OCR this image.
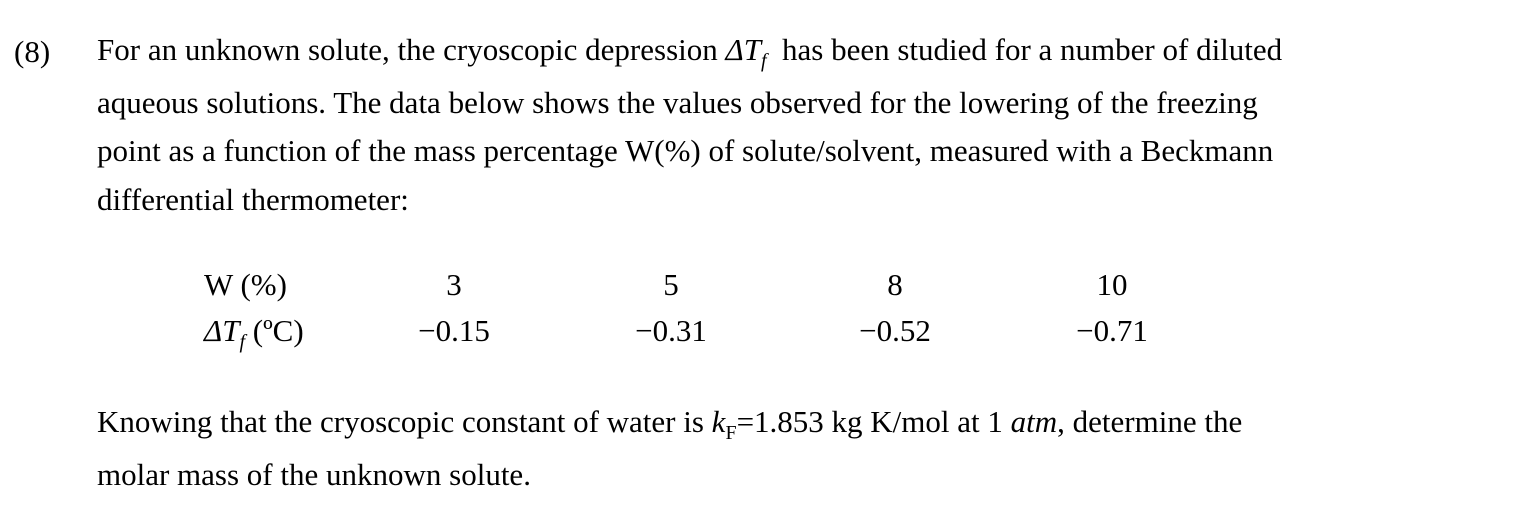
(8) For an unknown solute, the cryoscopic depression $\Delta T_f$ has been studied for a number of diluted
aqueous solutions. The data below shows the values observed for the lowering of the freezing
point as a function of the mass percentage W(%) of solute/solvent, measured with a Beckmann
differential thermometer:
W (%)	3	5	8	10
$\Delta T_f$ (ºC)	−0.15	−0.31	−0.52	−0.71
Knowing that the cryoscopic constant of water is $k_F=1.853$ kg K/mol at 1 atm, determine the
molar mass of the unknown solute.
